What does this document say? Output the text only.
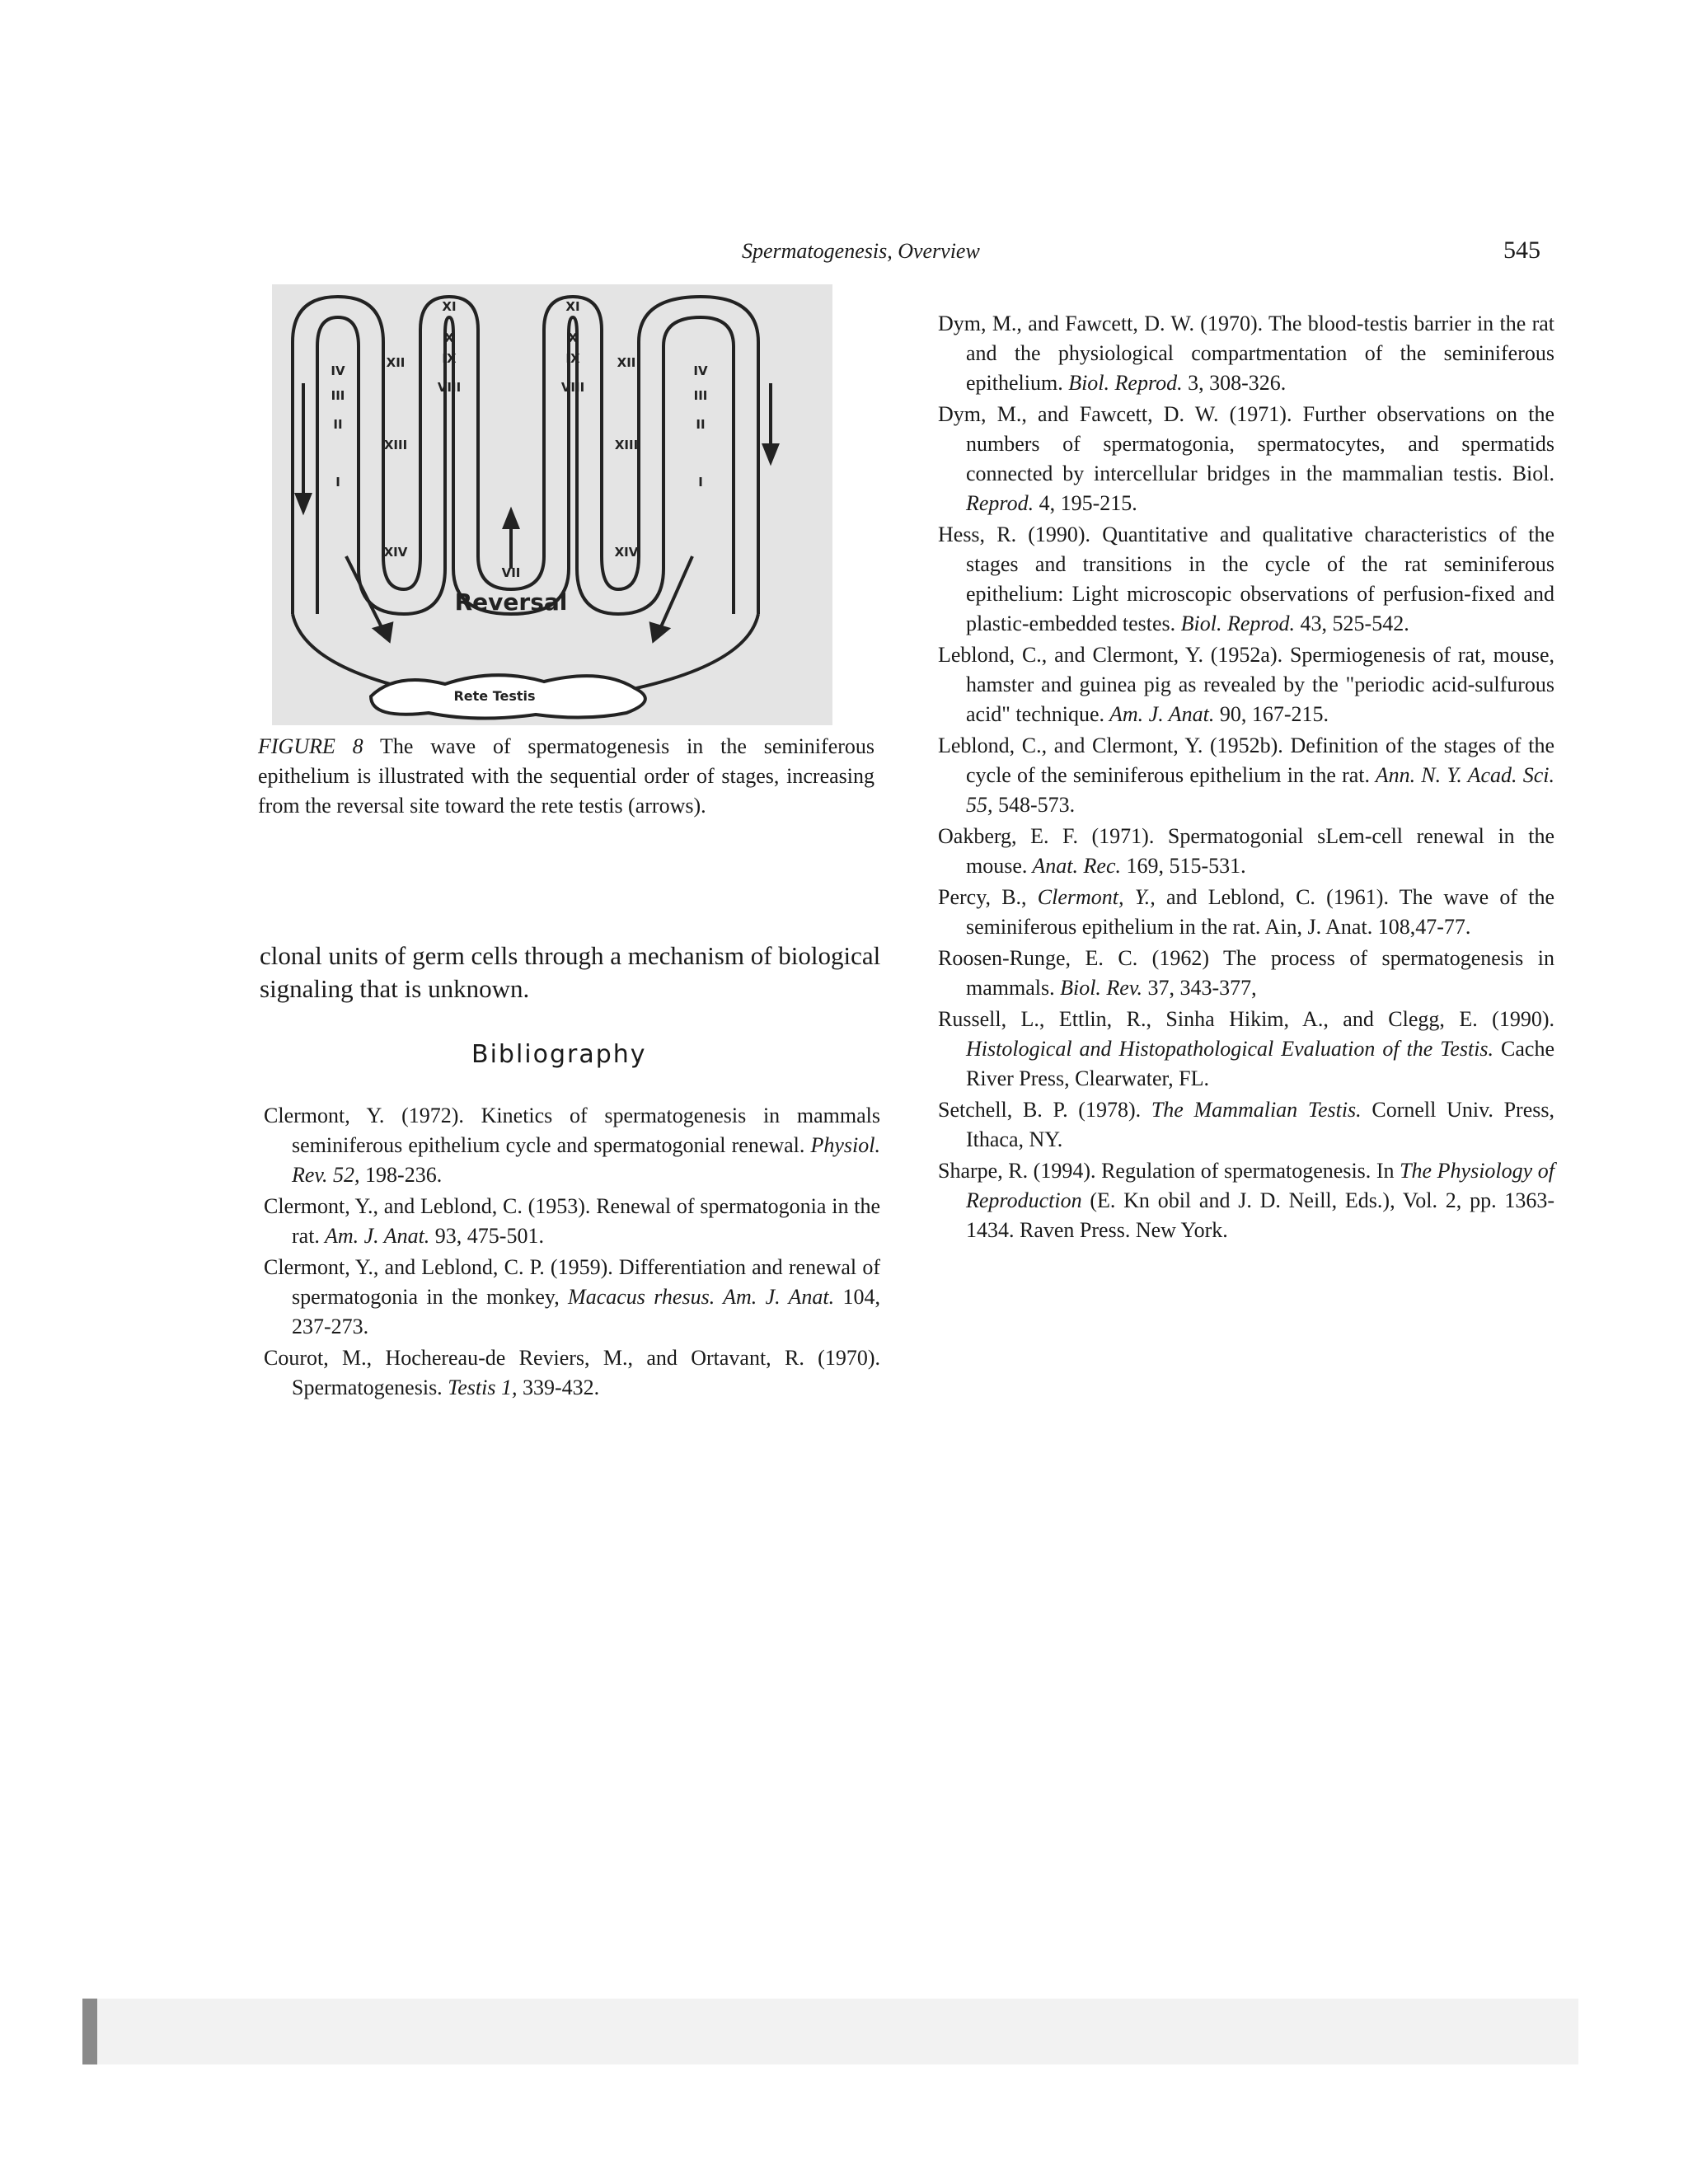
Spermatogenesis, Overview	545
XI	XI
IV
III
II
I
XII
XIII
XIV
X
IX
VIII
VII
X
IX
VIII
XII
XIII
XIV
IV
III
II
I
Reversal
Rete Testis
FIGURE 8 The wave of spermatogenesis in the seminiferous epithelium is illustrated with the sequential order of stages, increasing from the reversal site toward the rete testis (arrows).
clonal units of germ cells through a mechanism of biological signaling that is unknown.
Bibliography
Clermont, Y. (1972). Kinetics of spermatogenesis in mammals seminiferous epithelium cycle and spermatogonial renewal. Physiol. Rev. 52, 198-236.
Clermont, Y., and Leblond, C. (1953). Renewal of spermatogonia in the rat. Am. J. Anat. 93, 475-501.
Clermont, Y., and Leblond, C. P. (1959). Differentiation and renewal of spermatogonia in the monkey, Macacus rhesus. Am. J. Anat. 104, 237-273.
Courot, M., Hochereau-de Reviers, M., and Ortavant, R. (1970). Spermatogenesis. Testis 1, 339-432.
Dym, M., and Fawcett, D. W. (1970). The blood-testis barrier in the rat and the physiological compartmentation of the seminiferous epithelium. Biol. Reprod. 3, 308-326.
Dym, M., and Fawcett, D. W. (1971). Further observations on the numbers of spermatogonia, spermatocytes, and spermatids connected by intercellular bridges in the mammalian testis. Biol. Reprod. 4, 195-215.
Hess, R. (1990). Quantitative and qualitative characteristics of the stages and transitions in the cycle of the rat seminiferous epithelium: Light microscopic observations of perfusion-fixed and plastic-embedded testes. Biol. Reprod. 43, 525-542.
Leblond, C., and Clermont, Y. (1952a). Spermiogenesis of rat, mouse, hamster and guinea pig as revealed by the "periodic acid-sulfurous acid" technique. Am. J. Anat. 90, 167-215.
Leblond, C., and Clermont, Y. (1952b). Definition of the stages of the cycle of the seminiferous epithelium in the rat. Ann. N. Y. Acad. Sci. 55, 548-573.
Oakberg, E. F. (1971). Spermatogonial sLem-cell renewal in the mouse. Anat. Rec. 169, 515-531.
Percy, B., Clermont, Y., and Leblond, C. (1961). The wave of the seminiferous epithelium in the rat. Ain, J. Anat. 108,47-77.
Roosen-Runge, E. C. (1962) The process of spermatogenesis in mammals. Biol. Rev. 37, 343-377,
Russell, L., Ettlin, R., Sinha Hikim, A., and Clegg, E. (1990). Histological and Histopathological Evaluation of the Testis. Cache River Press, Clearwater, FL.
Setchell, B. P. (1978). The Mammalian Testis. Cornell Univ. Press, Ithaca, NY.
Sharpe, R. (1994). Regulation of spermatogenesis. In The Physiology of Reproduction (E. Kn obil and J. D. Neill, Eds.), Vol. 2, pp. 1363-1434. Raven Press. New York.
